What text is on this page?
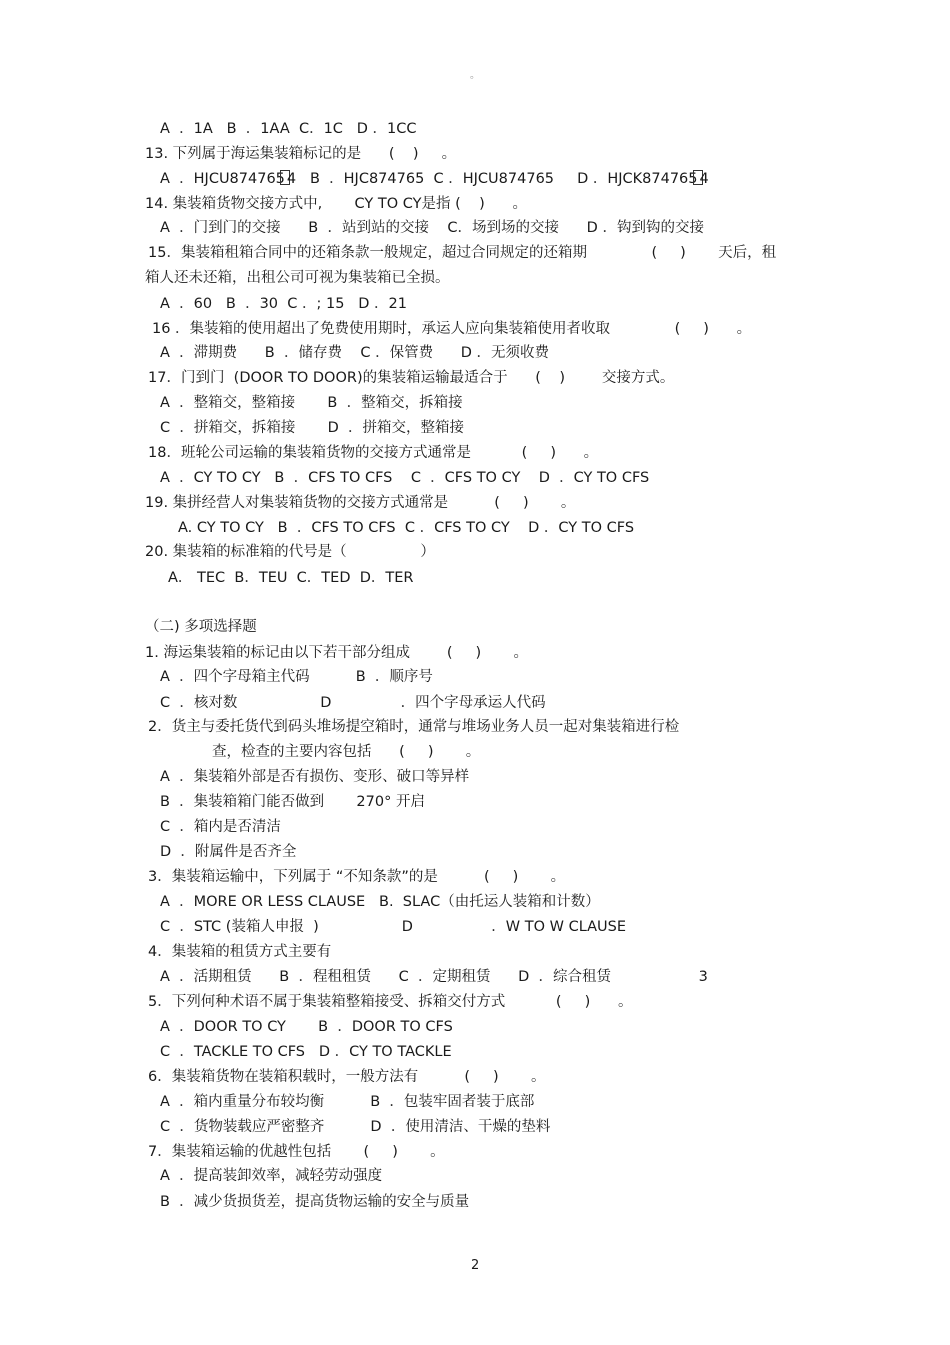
。
A  ．1A   B  ．1AA  C．1C   D ．1CC
13. 下列属于海运集装箱标记的是      (    )     。
A  ．HJCU874765 4   B  ．HJC874765  C ．HJCU874765     D ．HJCK874765 4
14. 集装箱货物交接方式中,       CY TO CY是指 (    )      。
A  ．门到门的交接      B  ．站到站的交接    C．场到场的交接      D ．钩到钩的交接
15．集装箱租箱合同中的还箱条款一般规定，超过合同规定的还箱期              (     )       天后，租
箱人还未还箱，出租公司可视为集装箱已全损。
A  ．60   B  ．30  C ．; 15   D ．21
16 ．集装箱的使用超出了免费使用期时，承运人应向集装箱使用者收取              (     )      。
A  ．滞期费      B  ．储存费    C ．保管费      D ．无须收费
17．门到门  (DOOR TO DOOR)的集装箱运输最适合于      (    )        交接方式。
A  ．整箱交，整箱接       B  ．整箱交，拆箱接
C  ．拼箱交，拆箱接       D  ．拼箱交，整箱接
18．班轮公司运输的集装箱货物的交接方式通常是           (     )      。
A  ．CY TO CY   B  ．CFS TO CFS    C  ．CFS TO CY    D  ．CY TO CFS
19. 集拼经营人对集装箱货物的交接方式通常是          (     )       。
A. CY TO CY   B  ．CFS TO CFS  C ．CFS TO CY    D ．CY TO CFS
20. 集装箱的标准箱的代号是（                ）
A． TEC  B．TEU  C．TED  D．TER
（二) 多项选择题
1. 海运集装箱的标记由以下若干部分组成        (     )       。
A  ．四个字母箱主代码          B  ．顺序号
C  ．核对数                  D               ．四个字母承运人代码
2．货主与委托货代到码头堆场提空箱时，通常与堆场业务人员一起对集装箱进行检
查，检查的主要内容包括      (     )       。
A  ．集装箱外部是否有损伤、变形、破口等异样
B  ．集装箱箱门能否做到       270° 开启
C  ．箱内是否清洁
D  ．附属件是否齐全
3．集装箱运输中，下列属于 “不知条款”的是          (     )       。
A  ．MORE OR LESS CLAUSE   B.  SLAC（由托运人装箱和计数）
C  ．STC (装箱人申报  )                  D                 ．W TO W CLAUSE
4．集装箱的租赁方式主要有
A  ．活期租赁      B  ．程租租赁      C  ．定期租赁      D  ．综合租赁                   3
5．下列何种术语不属于集装箱整箱接受、拆箱交付方式           (     )      。
A  ．DOOR TO CY       B  ．DOOR TO CFS
C  ．TACKLE TO CFS   D ．CY TO TACKLE
6．集装箱货物在装箱积载时，一般方法有          (     )       。
A  ．箱内重量分布较均衡          B  ．包装牢固者装于底部
C  ．货物装载应严密整齐          D  ．使用清洁、干燥的垫料
7．集装箱运输的优越性包括       (     )       。
A  ．提高装卸效率，减轻劳动强度
B  ．减少货损货差，提高货物运输的安全与质量
2
